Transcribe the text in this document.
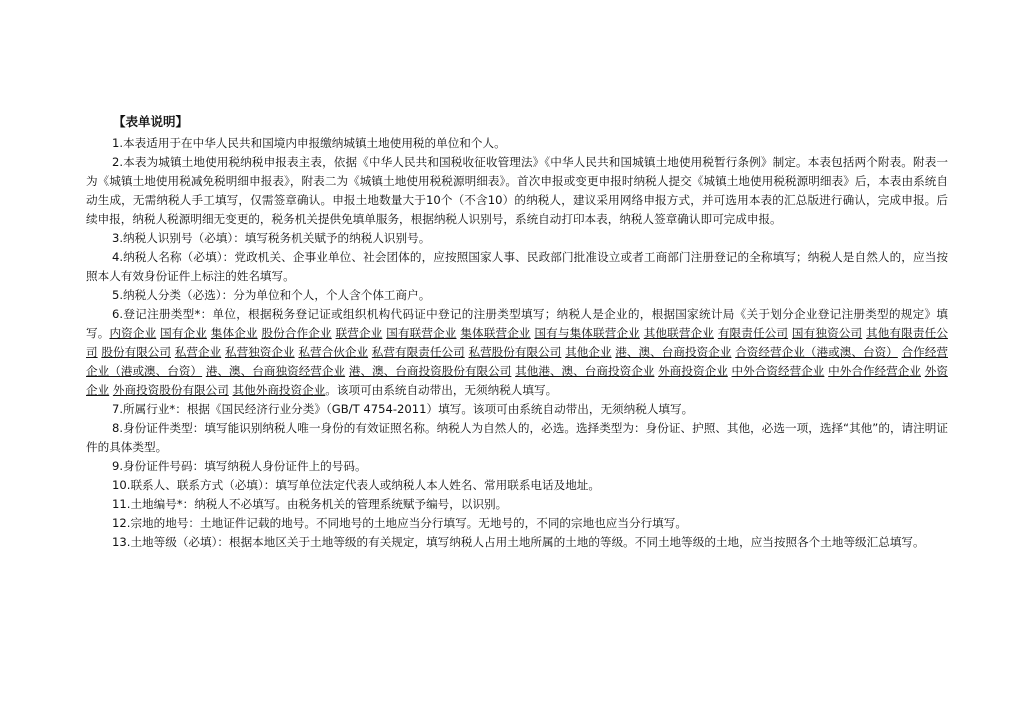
【表单说明】

1.本表适用于在中华人民共和国境内申报缴纳城镇土地使用税的单位和个人。

2.本表为城镇土地使用税纳税申报表主表，依据《中华人民共和国税收征收管理法》《中华人民共和国城镇土地使用税暂行条例》制定。本表包括两个附表。附表一为《城镇土地使用税减免税明细申报表》，附表二为《城镇土地使用税税源明细表》。首次申报或变更申报时纳税人提交《城镇土地使用税税源明细表》后，本表由系统自动生成，无需纳税人手工填写，仅需签章确认。申报土地数量大于10个（不含10）的纳税人，建议采用网络申报方式，并可选用本表的汇总版进行确认，完成申报。后续申报，纳税人税源明细无变更的，税务机关提供免填单服务，根据纳税人识别号，系统自动打印本表，纳税人签章确认即可完成申报。

3.纳税人识别号（必填）：填写税务机关赋予的纳税人识别号。

4.纳税人名称（必填）：党政机关、企事业单位、社会团体的，应按照国家人事、民政部门批准设立或者工商部门注册登记的全称填写；纳税人是自然人的，应当按照本人有效身份证件上标注的姓名填写。

5.纳税人分类（必选）：分为单位和个人，个人含个体工商户。

6.登记注册类型*：单位，根据税务登记证或组织机构代码证中登记的注册类型填写；纳税人是企业的，根据国家统计局《关于划分企业登记注册类型的规定》填写。内资企业 国有企业 集体企业 股份合作企业 联营企业 国有联营企业 集体联营企业 国有与集体联营企业 其他联营企业 有限责任公司 国有独资公司 其他有限责任公司 股份有限公司 私营企业 私营独资企业 私营合伙企业 私营有限责任公司 私营股份有限公司 其他企业 港、澳、台商投资企业 合资经营企业（港或澳、台资） 合作经营企业（港或澳、台资） 港、澳、台商独资经营企业 港、澳、台商投资股份有限公司 其他港、澳、台商投资企业 外商投资企业 中外合资经营企业 中外合作经营企业 外资企业 外商投资股份有限公司 其他外商投资企业。该项可由系统自动带出，无须纳税人填写。

7.所属行业*：根据《国民经济行业分类》（GB/T 4754-2011）填写。该项可由系统自动带出，无须纳税人填写。

8.身份证件类型：填写能识别纳税人唯一身份的有效证照名称。纳税人为自然人的，必选。选择类型为：身份证、护照、其他，必选一项，选择“其他”的，请注明证件的具体类型。

9.身份证件号码：填写纳税人身份证件上的号码。

10.联系人、联系方式（必填）：填写单位法定代表人或纳税人本人姓名、常用联系电话及地址。

11.土地编号*：纳税人不必填写。由税务机关的管理系统赋予编号，以识别。

12.宗地的地号：土地证件记载的地号。不同地号的土地应当分行填写。无地号的，不同的宗地也应当分行填写。

13.土地等级（必填）：根据本地区关于土地等级的有关规定，填写纳税人占用土地所属的土地的等级。不同土地等级的土地，应当按照各个土地等级汇总填写。
